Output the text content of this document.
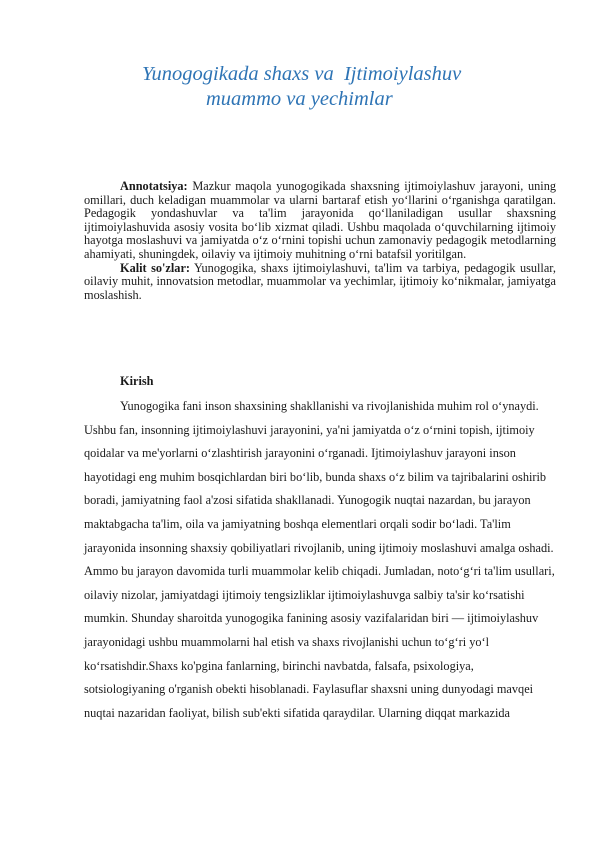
Yunogogikada shaxs va  Ijtimoiylashuv
muammo va yechimlar

Annotatsiya: Mazkur maqola yunogogikada shaxsning ijtimoiylashuv jarayoni, uning omillari, duch keladigan muammolar va ularni bartaraf etish yo‘llarini o‘rganishga qaratilgan. Pedagogik yondashuvlar va ta'lim jarayonida qo‘llaniladigan usullar shaxsning ijtimoiylashuvida asosiy vosita bo‘lib xizmat qiladi. Ushbu maqolada o‘quvchilarning ijtimoiy hayotga moslashuvi va jamiyatda o‘z o‘rnini topishi uchun zamonaviy pedagogik metodlarning ahamiyati, shuningdek, oilaviy va ijtimoiy muhitning o‘rni batafsil yoritilgan.

Kalit so'zlar: Yunogogika, shaxs ijtimoiylashuvi, ta'lim va tarbiya, pedagogik usullar, oilaviy muhit, innovatsion metodlar, muammolar va yechimlar, ijtimoiy ko‘nikmalar, jamiyatga moslashish.

Kirish

Yunogogika fani inson shaxsining shakllanishi va rivojlanishida muhim rol o‘ynaydi. Ushbu fan, insonning ijtimoiylashuvi jarayonini, ya'ni jamiyatda o‘z o‘rnini topish, ijtimoiy qoidalar va me'yorlarni o‘zlashtirish jarayonini o‘rganadi. Ijtimoiylashuv jarayoni inson hayotidagi eng muhim bosqichlardan biri bo‘lib, bunda shaxs o‘z bilim va tajribalarini oshirib boradi, jamiyatning faol a'zosi sifatida shakllanadi. Yunogogik nuqtai nazardan, bu jarayon maktabgacha ta'lim, oila va jamiyatning boshqa elementlari orqali sodir bo‘ladi. Ta'lim jarayonida insonning shaxsiy qobiliyatlari rivojlanib, uning ijtimoiy moslashuvi amalga oshadi. Ammo bu jarayon davomida turli muammolar kelib chiqadi. Jumladan, noto‘g‘ri ta'lim usullari, oilaviy nizolar, jamiyatdagi ijtimoiy tengsizliklar ijtimoiylashuvga salbiy ta'sir ko‘rsatishi mumkin. Shunday sharoitda yunogogika fanining asosiy vazifalaridan biri — ijtimoiylashuv jarayonidagi ushbu muammolarni hal etish va shaxs rivojlanishi uchun to‘g‘ri yo‘l ko‘rsatishdir.Shaxs ko'pgina fanlarning, birinchi navbatda, falsafa, psixologiya, sotsiologiyaning o'rganish obekti hisoblanadi. Faylasuflar shaxsni uning dunyodagi mavqei nuqtai nazaridan faoliyat, bilish sub'ekti sifatida qaraydilar. Ularning diqqat markazida
